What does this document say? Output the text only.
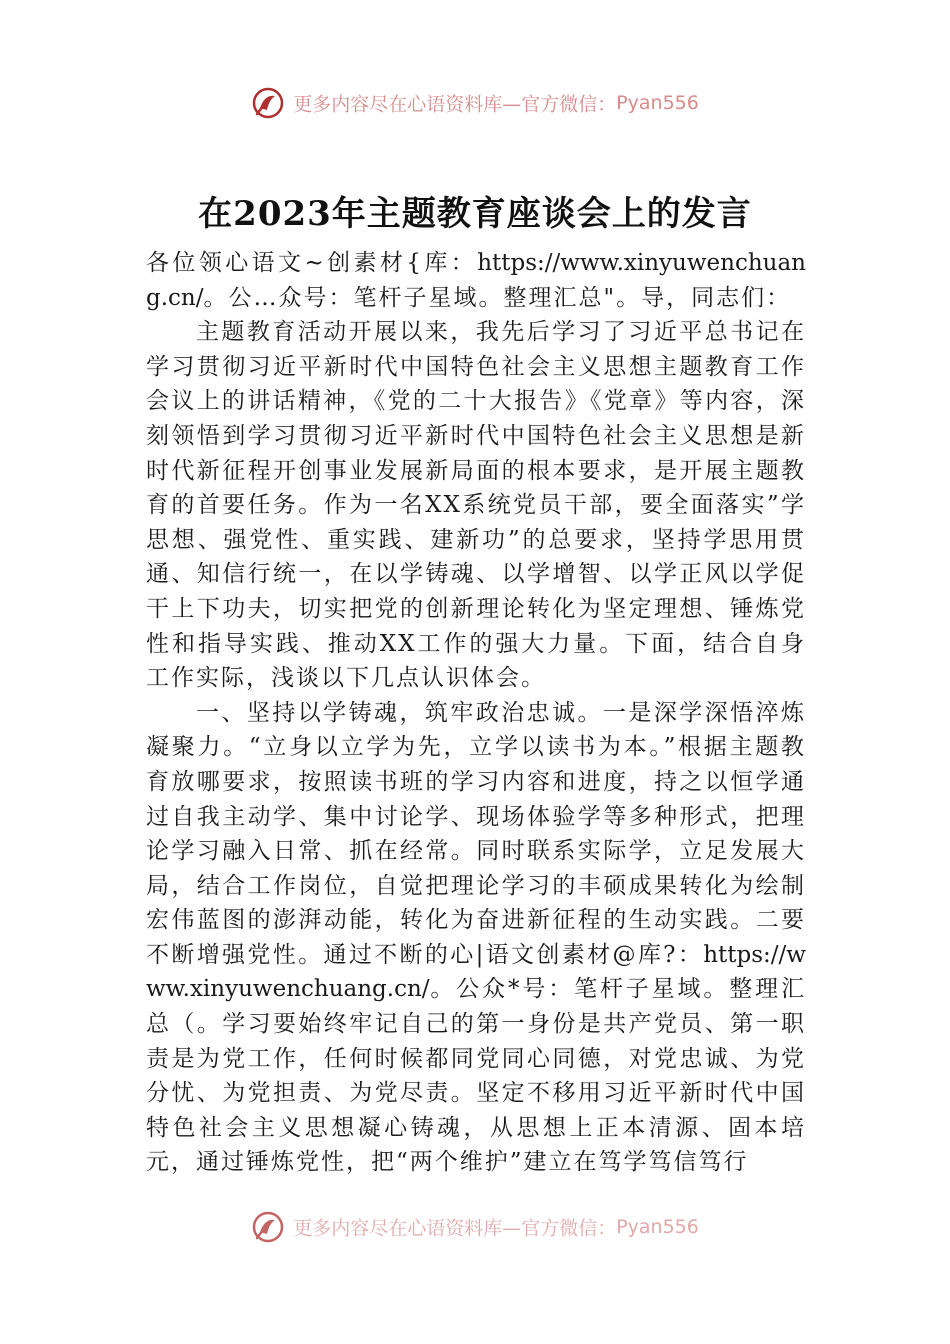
更多内容尽在心语资料库—官方微信：Pyan556
在2023年主题教育座谈会上的发言

各位领心语文~创素材{库：https://www.xinyuwenchuang.cn/。公…众号：笔杆子星域。整理汇总"。导，同志们：

主题教育活动开展以来，我先后学习了习近平总书记在学习贯彻习近平新时代中国特色社会主义思想主题教育工作会议上的讲话精神，《党的二十大报告》《党章》等内容，深刻领悟到学习贯彻习近平新时代中国特色社会主义思想是新时代新征程开创事业发展新局面的根本要求，是开展主题教育的首要任务。作为一名XX系统党员干部，要全面落实”学思想、强党性、重实践、建新功”的总要求，坚持学思用贯通、知信行统一，在以学铸魂、以学增智、以学正风以学促干上下功夫，切实把党的创新理论转化为坚定理想、锤炼党性和指导实践、推动XX工作的强大力量。下面，结合自身工作实际，浅谈以下几点认识体会。

一、坚持以学铸魂，筑牢政治忠诚。一是深学深悟淬炼凝聚力。“立身以立学为先，立学以读书为本。”根据主题教育放哪要求，按照读书班的学习内容和进度，持之以恒学通过自我主动学、集中讨论学、现场体验学等多种形式，把理论学习融入日常、抓在经常。同时联系实际学，立足发展大局，结合工作岗位，自觉把理论学习的丰硕成果转化为绘制宏伟蓝图的澎湃动能，转化为奋进新征程的生动实践。二要不断增强党性。通过不断的心|语文创素材@库?：https://www.xinyuwenchuang.cn/。公众*号：笔杆子星域。整理汇总（。学习要始终牢记自己的第一身份是共产党员、第一职责是为党工作，任何时候都同党同心同德，对党忠诚、为党分忧、为党担责、为党尽责。坚定不移用习近平新时代中国特色社会主义思想凝心铸魂，从思想上正本清源、固本培元，通过锤炼党性，把“两个维护”建立在笃学笃信笃行

更多内容尽在心语资料库—官方微信：Pyan556
